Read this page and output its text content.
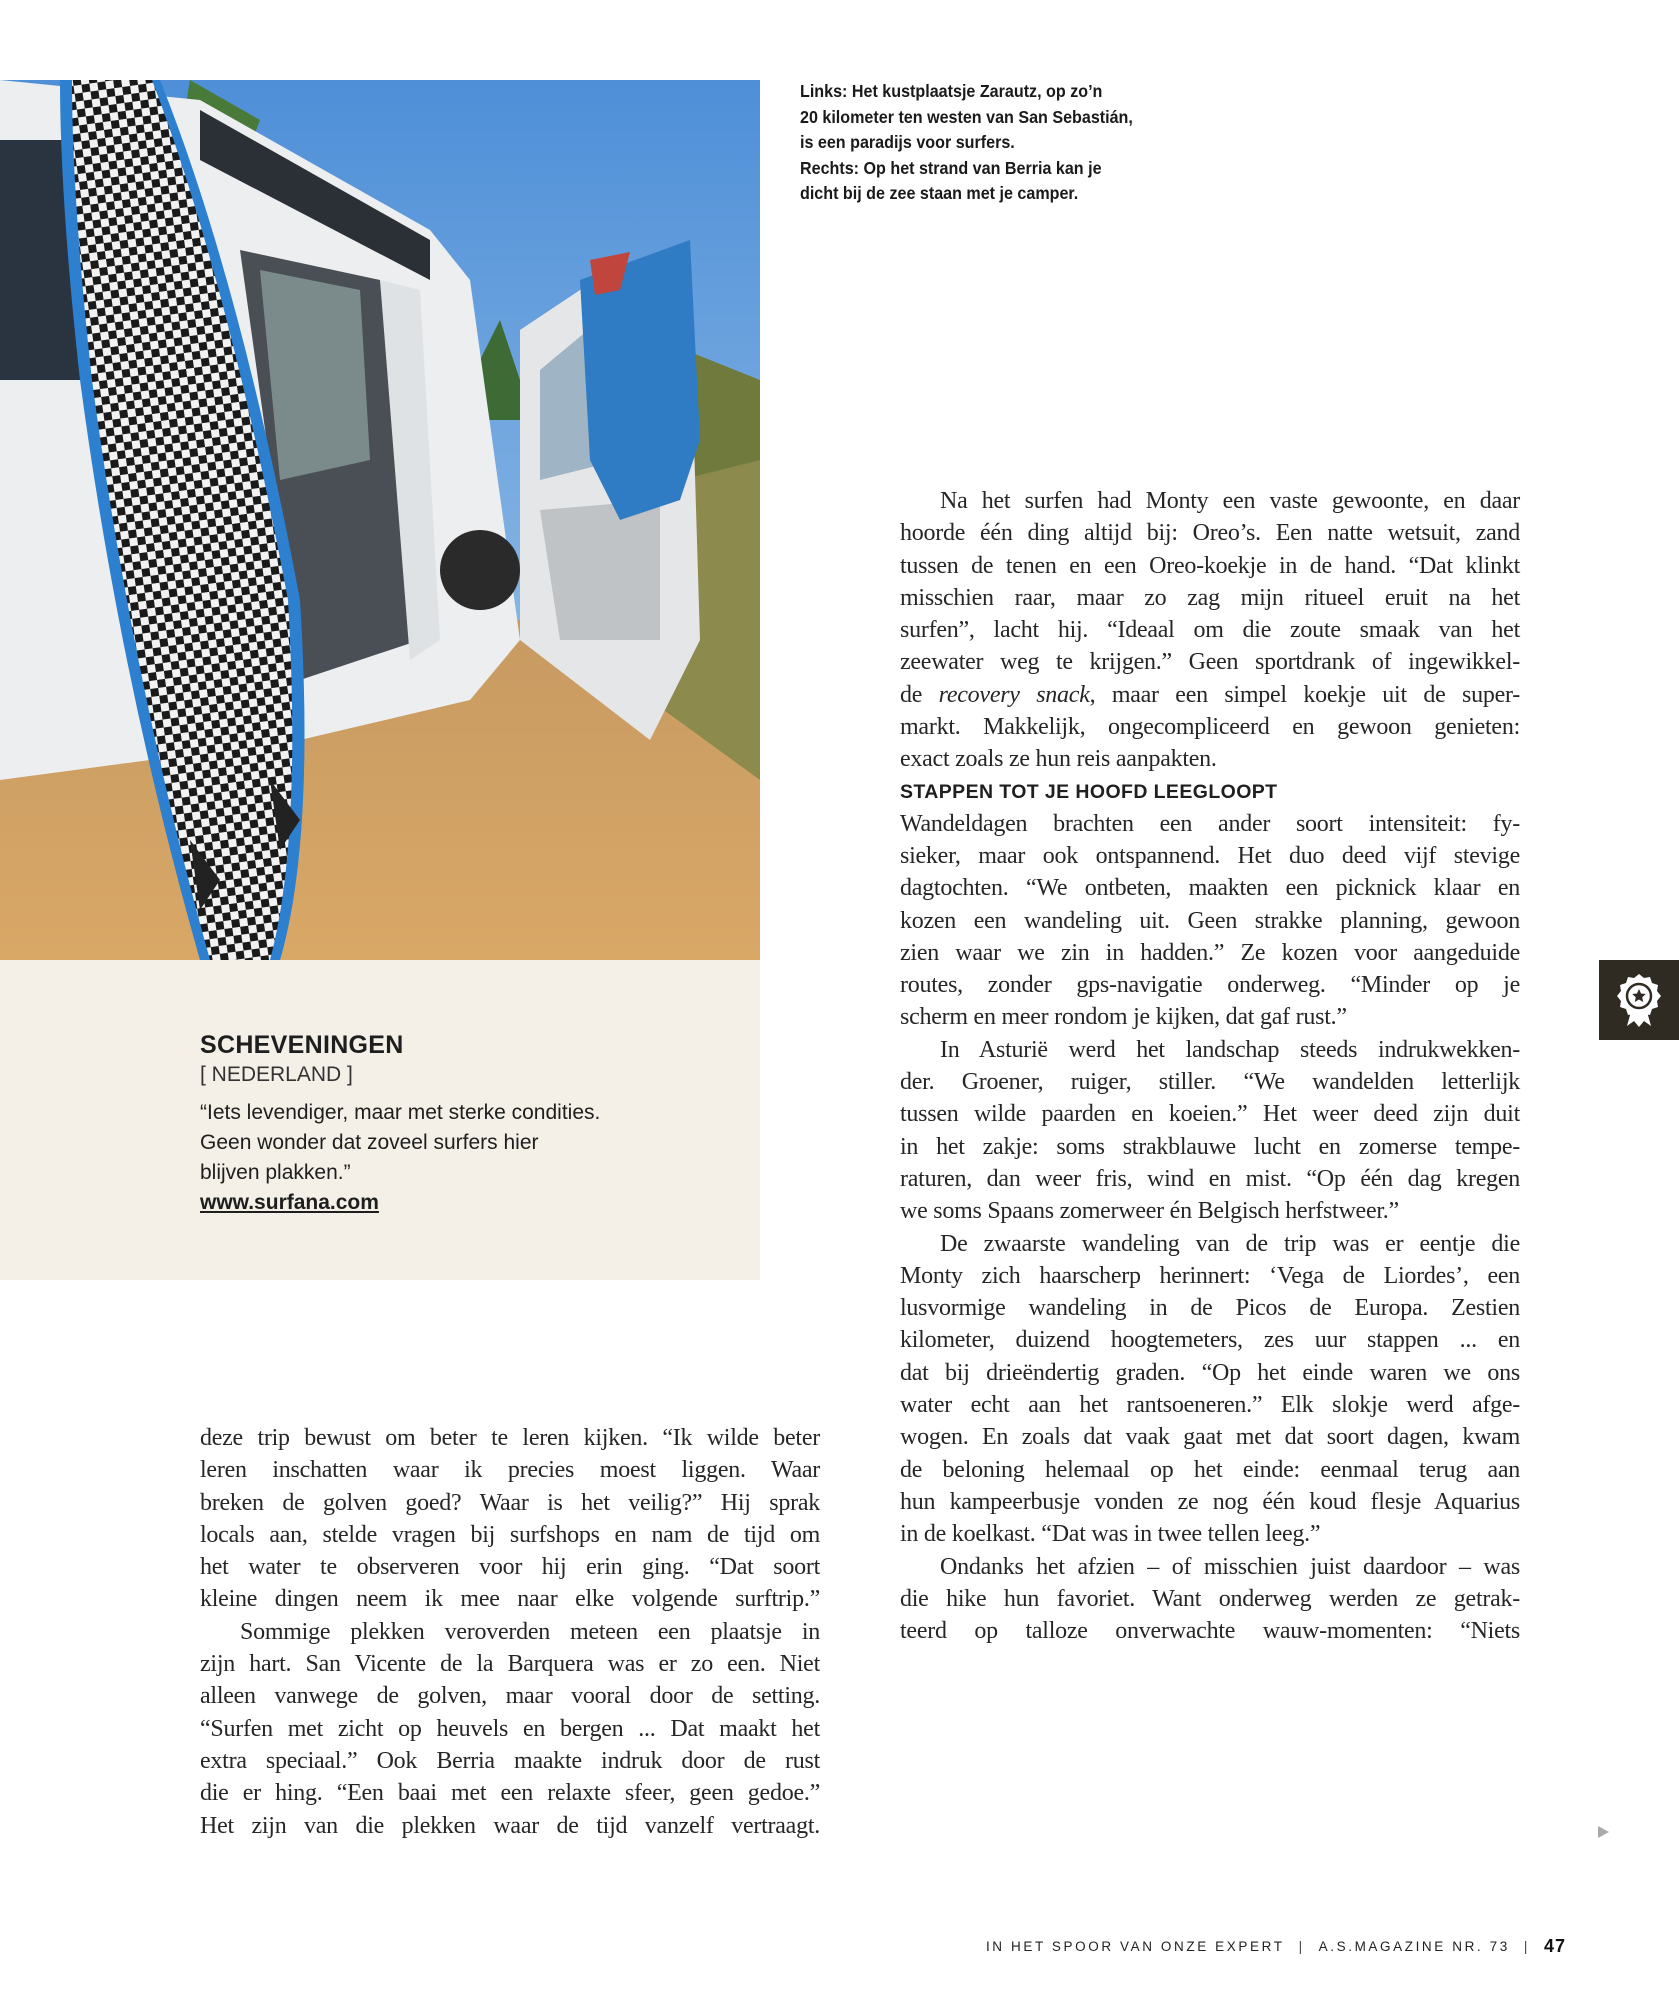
Links: Het kustplaatsje Zarautz, op zo’n
20 kilometer ten westen van San Sebastián,
is een paradijs voor surfers.
Rechts: Op het strand van Berria kan je
dicht bij de zee staan met je camper.
SCHEVENINGEN
[ NEDERLAND ]
“Iets levendiger, maar met sterke condities.
Geen wonder dat zoveel surfers hier
blijven plakken.”
www.surfana.com
Na het surfen had Monty een vaste gewoonte, en daar
hoorde één ding altijd bij: Oreo’s. Een natte wetsuit, zand
tussen de tenen en een Oreo-koekje in de hand. “Dat klinkt
misschien raar, maar zo zag mijn ritueel eruit na het
surfen”, lacht hij. “Ideaal om die zoute smaak van het
zeewater weg te krijgen.” Geen sportdrank of ingewikkel-
de recovery snack, maar een simpel koekje uit de super-
markt. Makkelijk, ongecompliceerd en gewoon genieten:
exact zoals ze hun reis aanpakten.
STAPPEN TOT JE HOOFD LEEGLOOPT
Wandeldagen brachten een ander soort intensiteit: fy-
sieker, maar ook ontspannend. Het duo deed vijf stevige
dagtochten. “We ontbeten, maakten een picknick klaar en
kozen een wandeling uit. Geen strakke planning, gewoon
zien waar we zin in hadden.” Ze kozen voor aangeduide
routes, zonder gps-navigatie onderweg. “Minder op je
scherm en meer rondom je kijken, dat gaf rust.”
In Asturië werd het landschap steeds indrukwekken-
der. Groener, ruiger, stiller. “We wandelden letterlijk
tussen wilde paarden en koeien.” Het weer deed zijn duit
in het zakje: soms strakblauwe lucht en zomerse tempe-
raturen, dan weer fris, wind en mist. “Op één dag kregen
we soms Spaans zomerweer én Belgisch herfstweer.”
De zwaarste wandeling van de trip was er eentje die
Monty zich haarscherp herinnert: ‘Vega de Liordes’, een
lusvormige wandeling in de Picos de Europa. Zestien
kilometer, duizend hoogtemeters, zes uur stappen ... en
dat bij drieëndertig graden. “Op het einde waren we ons
water echt aan het rantsoeneren.” Elk slokje werd afge-
wogen. En zoals dat vaak gaat met dat soort dagen, kwam
de beloning helemaal op het einde: eenmaal terug aan
hun kampeerbusje vonden ze nog één koud flesje Aquarius
in de koelkast. “Dat was in twee tellen leeg.”
Ondanks het afzien – of misschien juist daardoor – was
die hike hun favoriet. Want onderweg werden ze getrak-
teerd op talloze onverwachte wauw-momenten: “Niets
deze trip bewust om beter te leren kijken. “Ik wilde beter
leren inschatten waar ik precies moest liggen. Waar
breken de golven goed? Waar is het veilig?” Hij sprak
locals aan, stelde vragen bij surfshops en nam de tijd om
het water te observeren voor hij erin ging. “Dat soort
kleine dingen neem ik mee naar elke volgende surftrip.”
Sommige plekken veroverden meteen een plaatsje in
zijn hart. San Vicente de la Barquera was er zo een. Niet
alleen vanwege de golven, maar vooral door de setting.
“Surfen met zicht op heuvels en bergen ... Dat maakt het
extra speciaal.” Ook Berria maakte indruk door de rust
die er hing. “Een baai met een relaxte sfeer, geen gedoe.”
Het zijn van die plekken waar de tijd vanzelf vertraagt.
IN HET SPOOR VAN ONZE EXPERT | A.S.MAGAZINE NR. 73 | 47
